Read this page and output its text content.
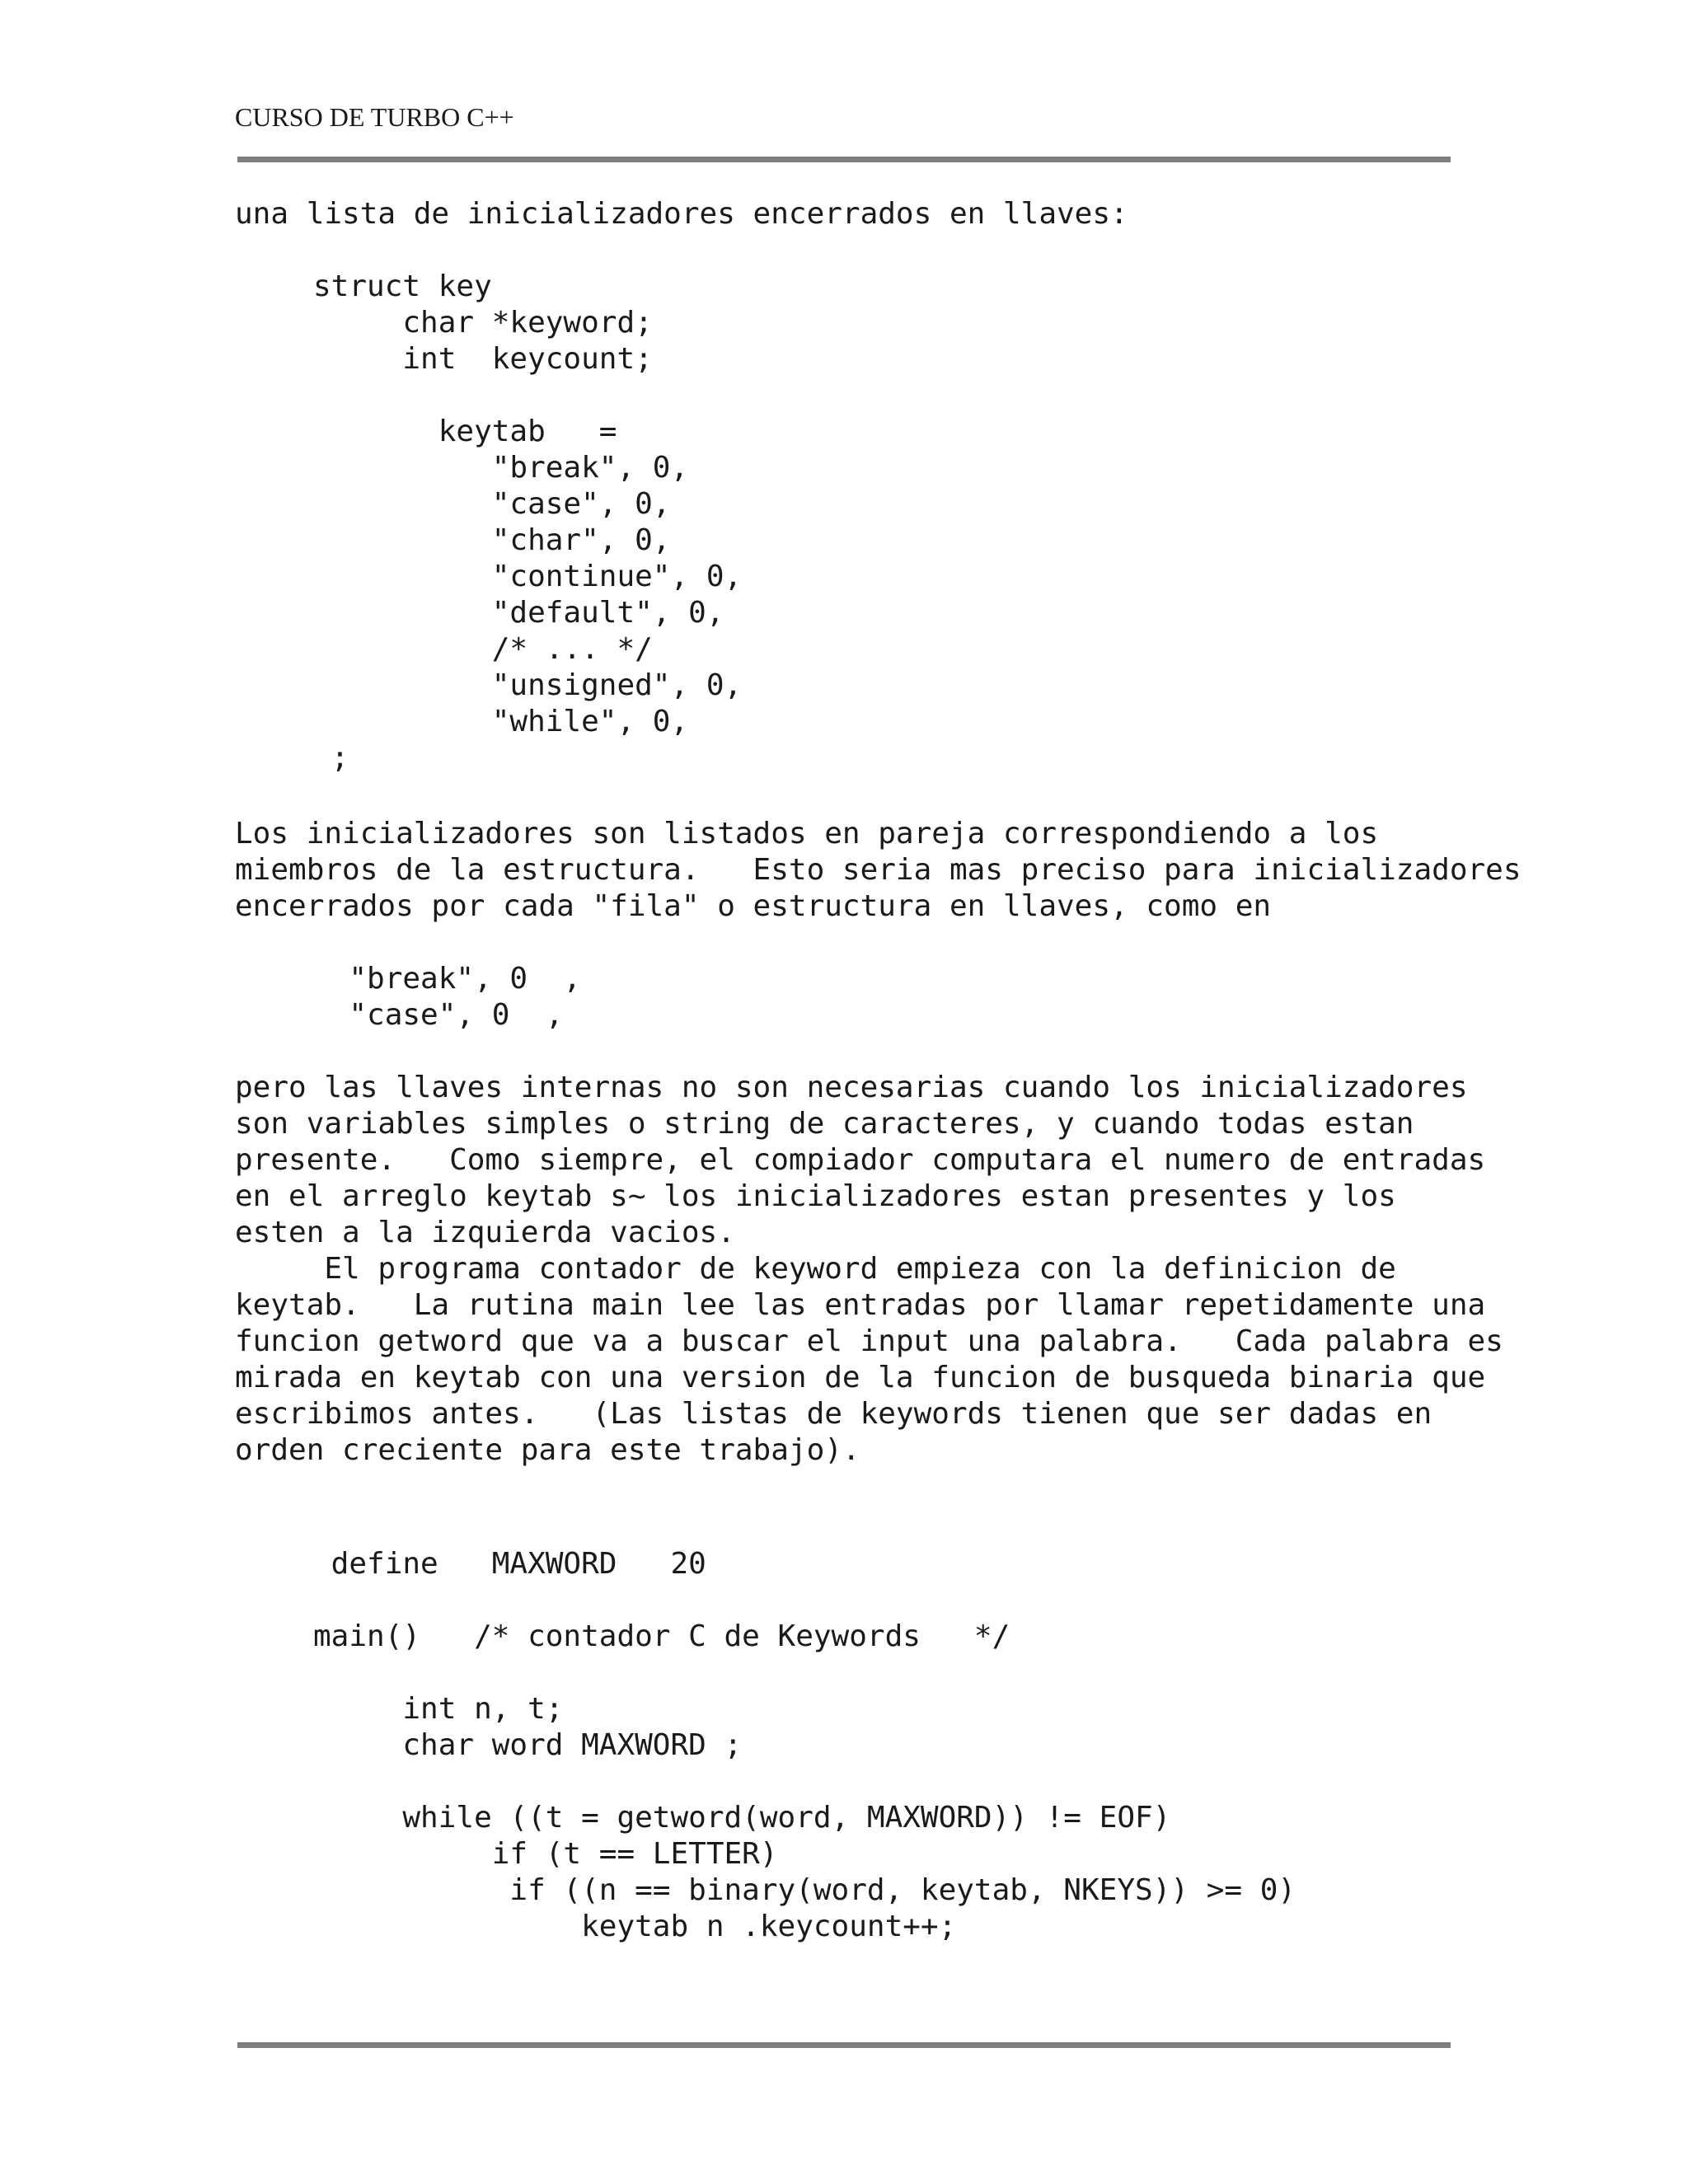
CURSO DE TURBO C++
una lista de inicializadores encerrados en llaves:
struct key
char *keyword;
int  keycount;

keytab   =
"break", 0,
"case", 0,
"char", 0,
"continue", 0,
"default", 0,
/* ... */
"unsigned", 0,
"while", 0,
;
Los inicializadores son listados en pareja correspondiendo a los
miembros de la estructura.   Esto seria mas preciso para inicializadores
encerrados por cada "fila" o estructura en llaves, como en
"break", 0  ,
"case", 0  ,
pero las llaves internas no son necesarias cuando los inicializadores
son variables simples o string de caracteres, y cuando todas estan
presente.   Como siempre, el compiador computara el numero de entradas
en el arreglo keytab s~ los inicializadores estan presentes y los
esten a la izquierda vacios.
El programa contador de keyword empieza con la definicion de
keytab.   La rutina main lee las entradas por llamar repetidamente una
funcion getword que va a buscar el input una palabra.   Cada palabra es
mirada en keytab con una version de la funcion de busqueda binaria que
escribimos antes.   (Las listas de keywords tienen que ser dadas en
orden creciente para este trabajo).
define   MAXWORD   20
main()   /* contador C de Keywords   */
int n, t;
char word MAXWORD ;

while ((t = getword(word, MAXWORD)) != EOF)
if (t == LETTER)
if ((n == binary(word, keytab, NKEYS)) >= 0)
keytab n .keycount++;
